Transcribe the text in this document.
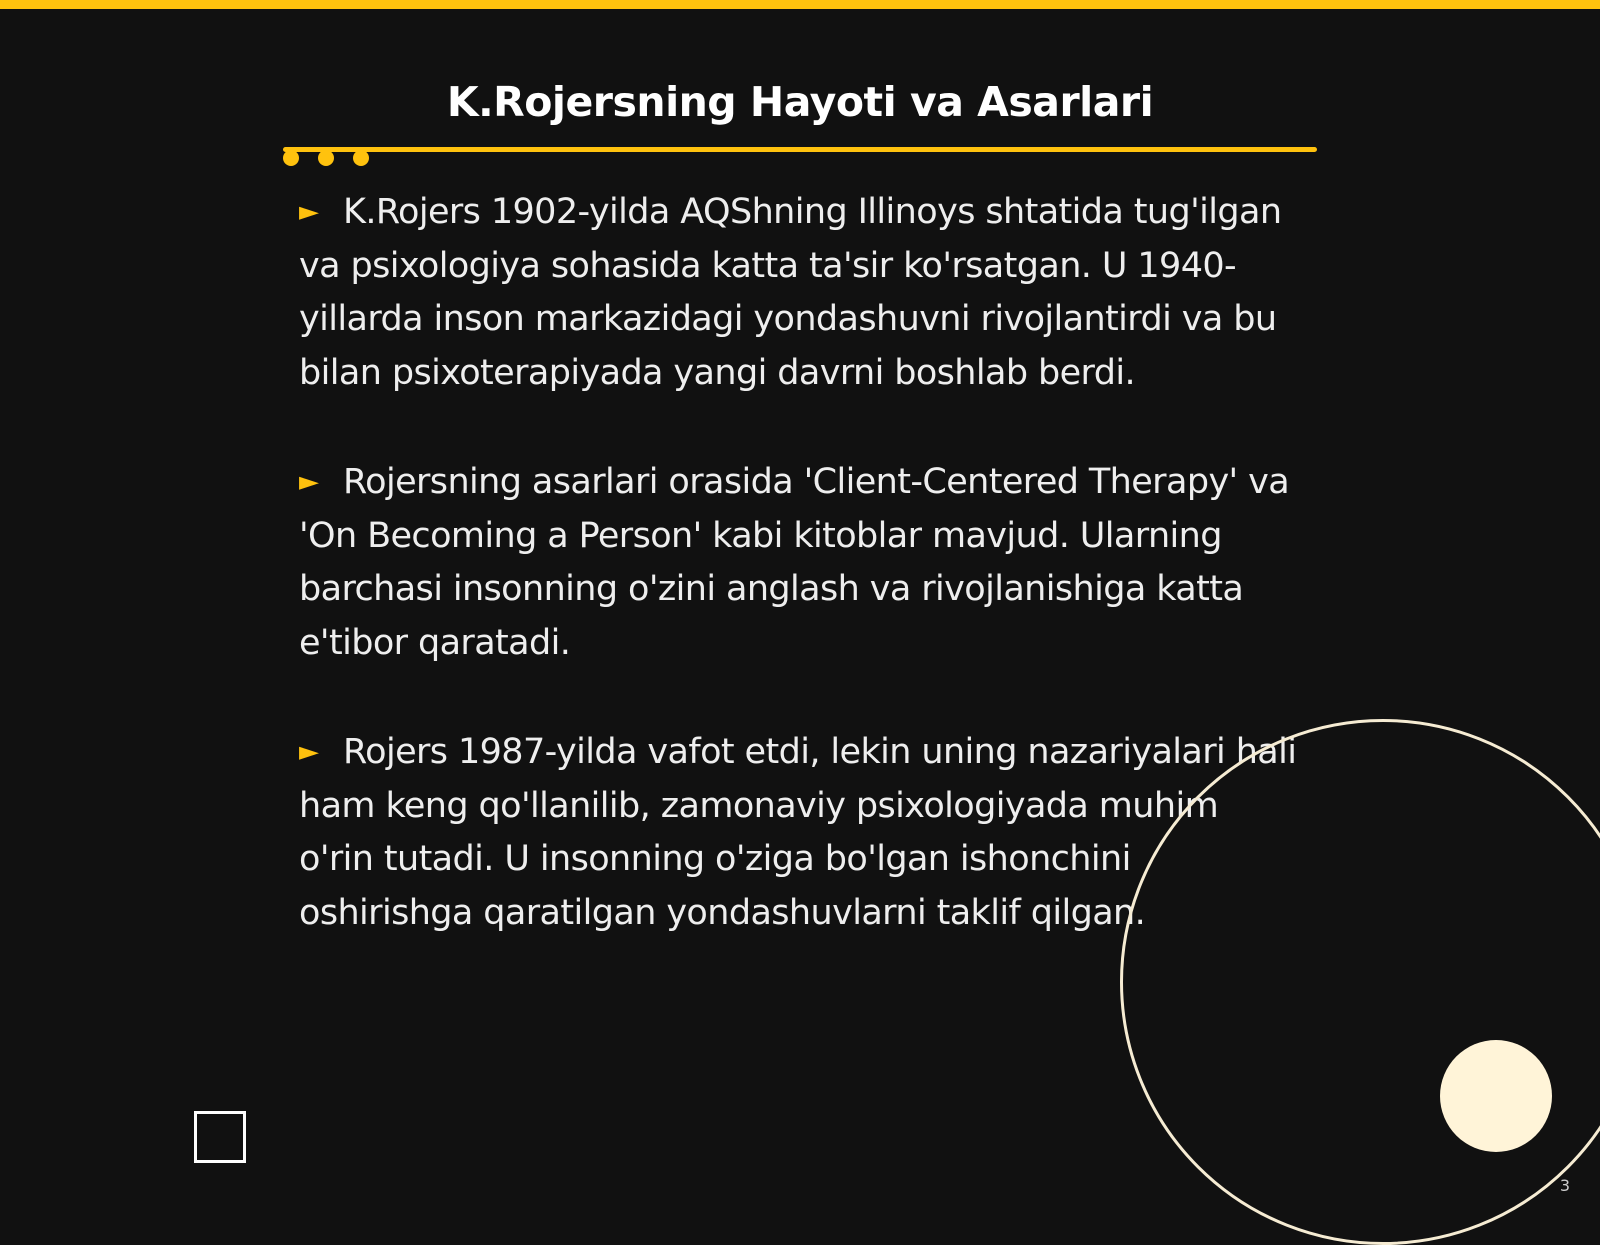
K.Rojersning Hayoti va Asarlari

► K.Rojers 1902-yilda AQShning Illinoys shtatida tug'ilgan va psixologiya sohasida katta ta'sir ko'rsatgan. U 1940-yillarda inson markazidagi yondashuvni rivojlantirdi va bu bilan psixoterapiyada yangi davrni boshlab berdi.

► Rojersning asarlari orasida 'Client-Centered Therapy' va 'On Becoming a Person' kabi kitoblar mavjud. Ularning barchasi insonning o'zini anglash va rivojlanishiga katta e'tibor qaratadi.

► Rojers 1987-yilda vafot etdi, lekin uning nazariyalari hali ham keng qo'llanilib, zamonaviy psixologiyada muhim o'rin tutadi. U insonning o'ziga bo'lgan ishonchini oshirishga qaratilgan yondashuvlarni taklif qilgan.

3
